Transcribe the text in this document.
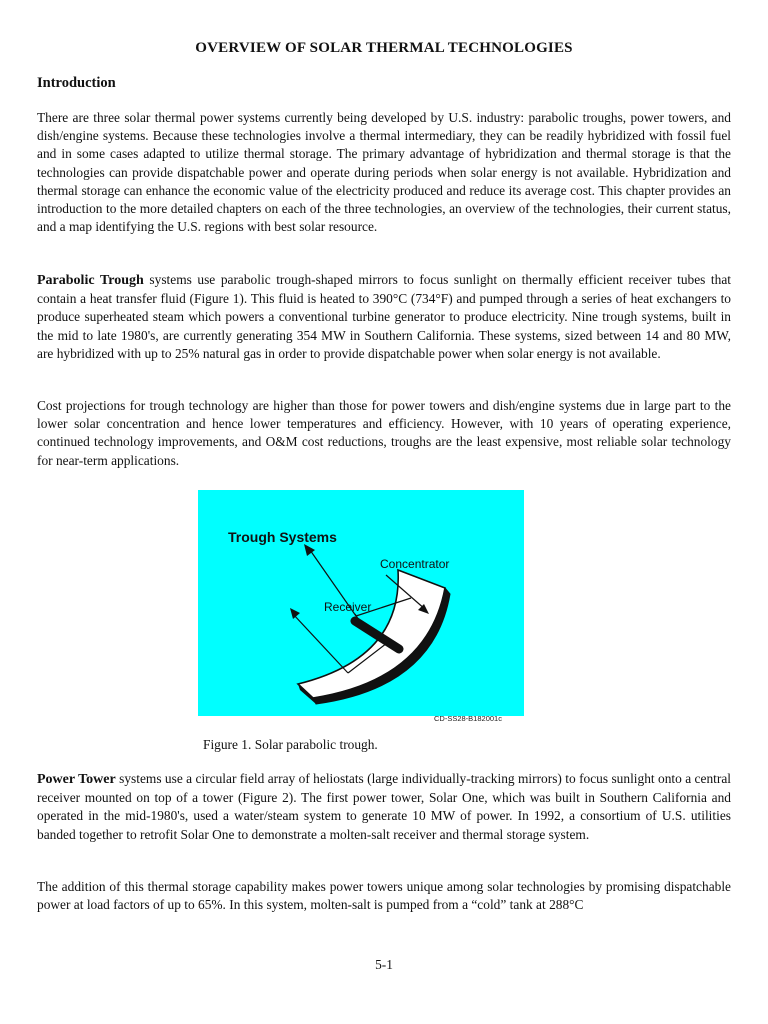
OVERVIEW OF SOLAR THERMAL TECHNOLOGIES
Introduction

There are three solar thermal power systems currently being developed by U.S. industry: parabolic troughs, power towers, and dish/engine systems. Because these technologies involve a thermal intermediary, they can be readily hybridized with fossil fuel and in some cases adapted to utilize thermal storage. The primary advantage of hybridization and thermal storage is that the technologies can provide dispatchable power and operate during periods when solar energy is not available. Hybridization and thermal storage can enhance the economic value of the electricity produced and reduce its average cost. This chapter provides an introduction to the more detailed chapters on each of the three technologies, an overview of the technologies, their current status, and a map identifying the U.S. regions with best solar resource.

Parabolic Trough systems use parabolic trough-shaped mirrors to focus sunlight on thermally efficient receiver tubes that contain a heat transfer fluid (Figure 1). This fluid is heated to 390°C (734°F) and pumped through a series of heat exchangers to produce superheated steam which powers a conventional turbine generator to produce electricity. Nine trough systems, built in the mid to late 1980's, are currently generating 354 MW in Southern California. These systems, sized between 14 and 80 MW, are hybridized with up to 25% natural gas in order to provide dispatchable power when solar energy is not available.

Cost projections for trough technology are higher than those for power towers and dish/engine systems due in large part to the lower solar concentration and hence lower temperatures and efficiency. However, with 10 years of operating experience, continued technology improvements, and O&M cost reductions, troughs are the least expensive, most reliable solar technology for near-term applications.

Power Tower systems use a circular field array of heliostats (large individually-tracking mirrors) to focus sunlight onto a central receiver mounted on top of a tower (Figure 2). The first power tower, Solar One, which was built in Southern California and operated in the mid-1980's, used a water/steam system to generate 10 MW of power. In 1992, a consortium of U.S. utilities banded together to retrofit Solar One to demonstrate a molten-salt receiver and thermal storage system.

The addition of this thermal storage capability makes power towers unique among solar technologies by promising dispatchable power at load factors of up to 65%. In this system, molten-salt is pumped from a “cold” tank at 288°C

Trough Systems
Concentrator
Receiver
CD-SS28-B182001c
Figure 1. Solar parabolic trough.
5-1
